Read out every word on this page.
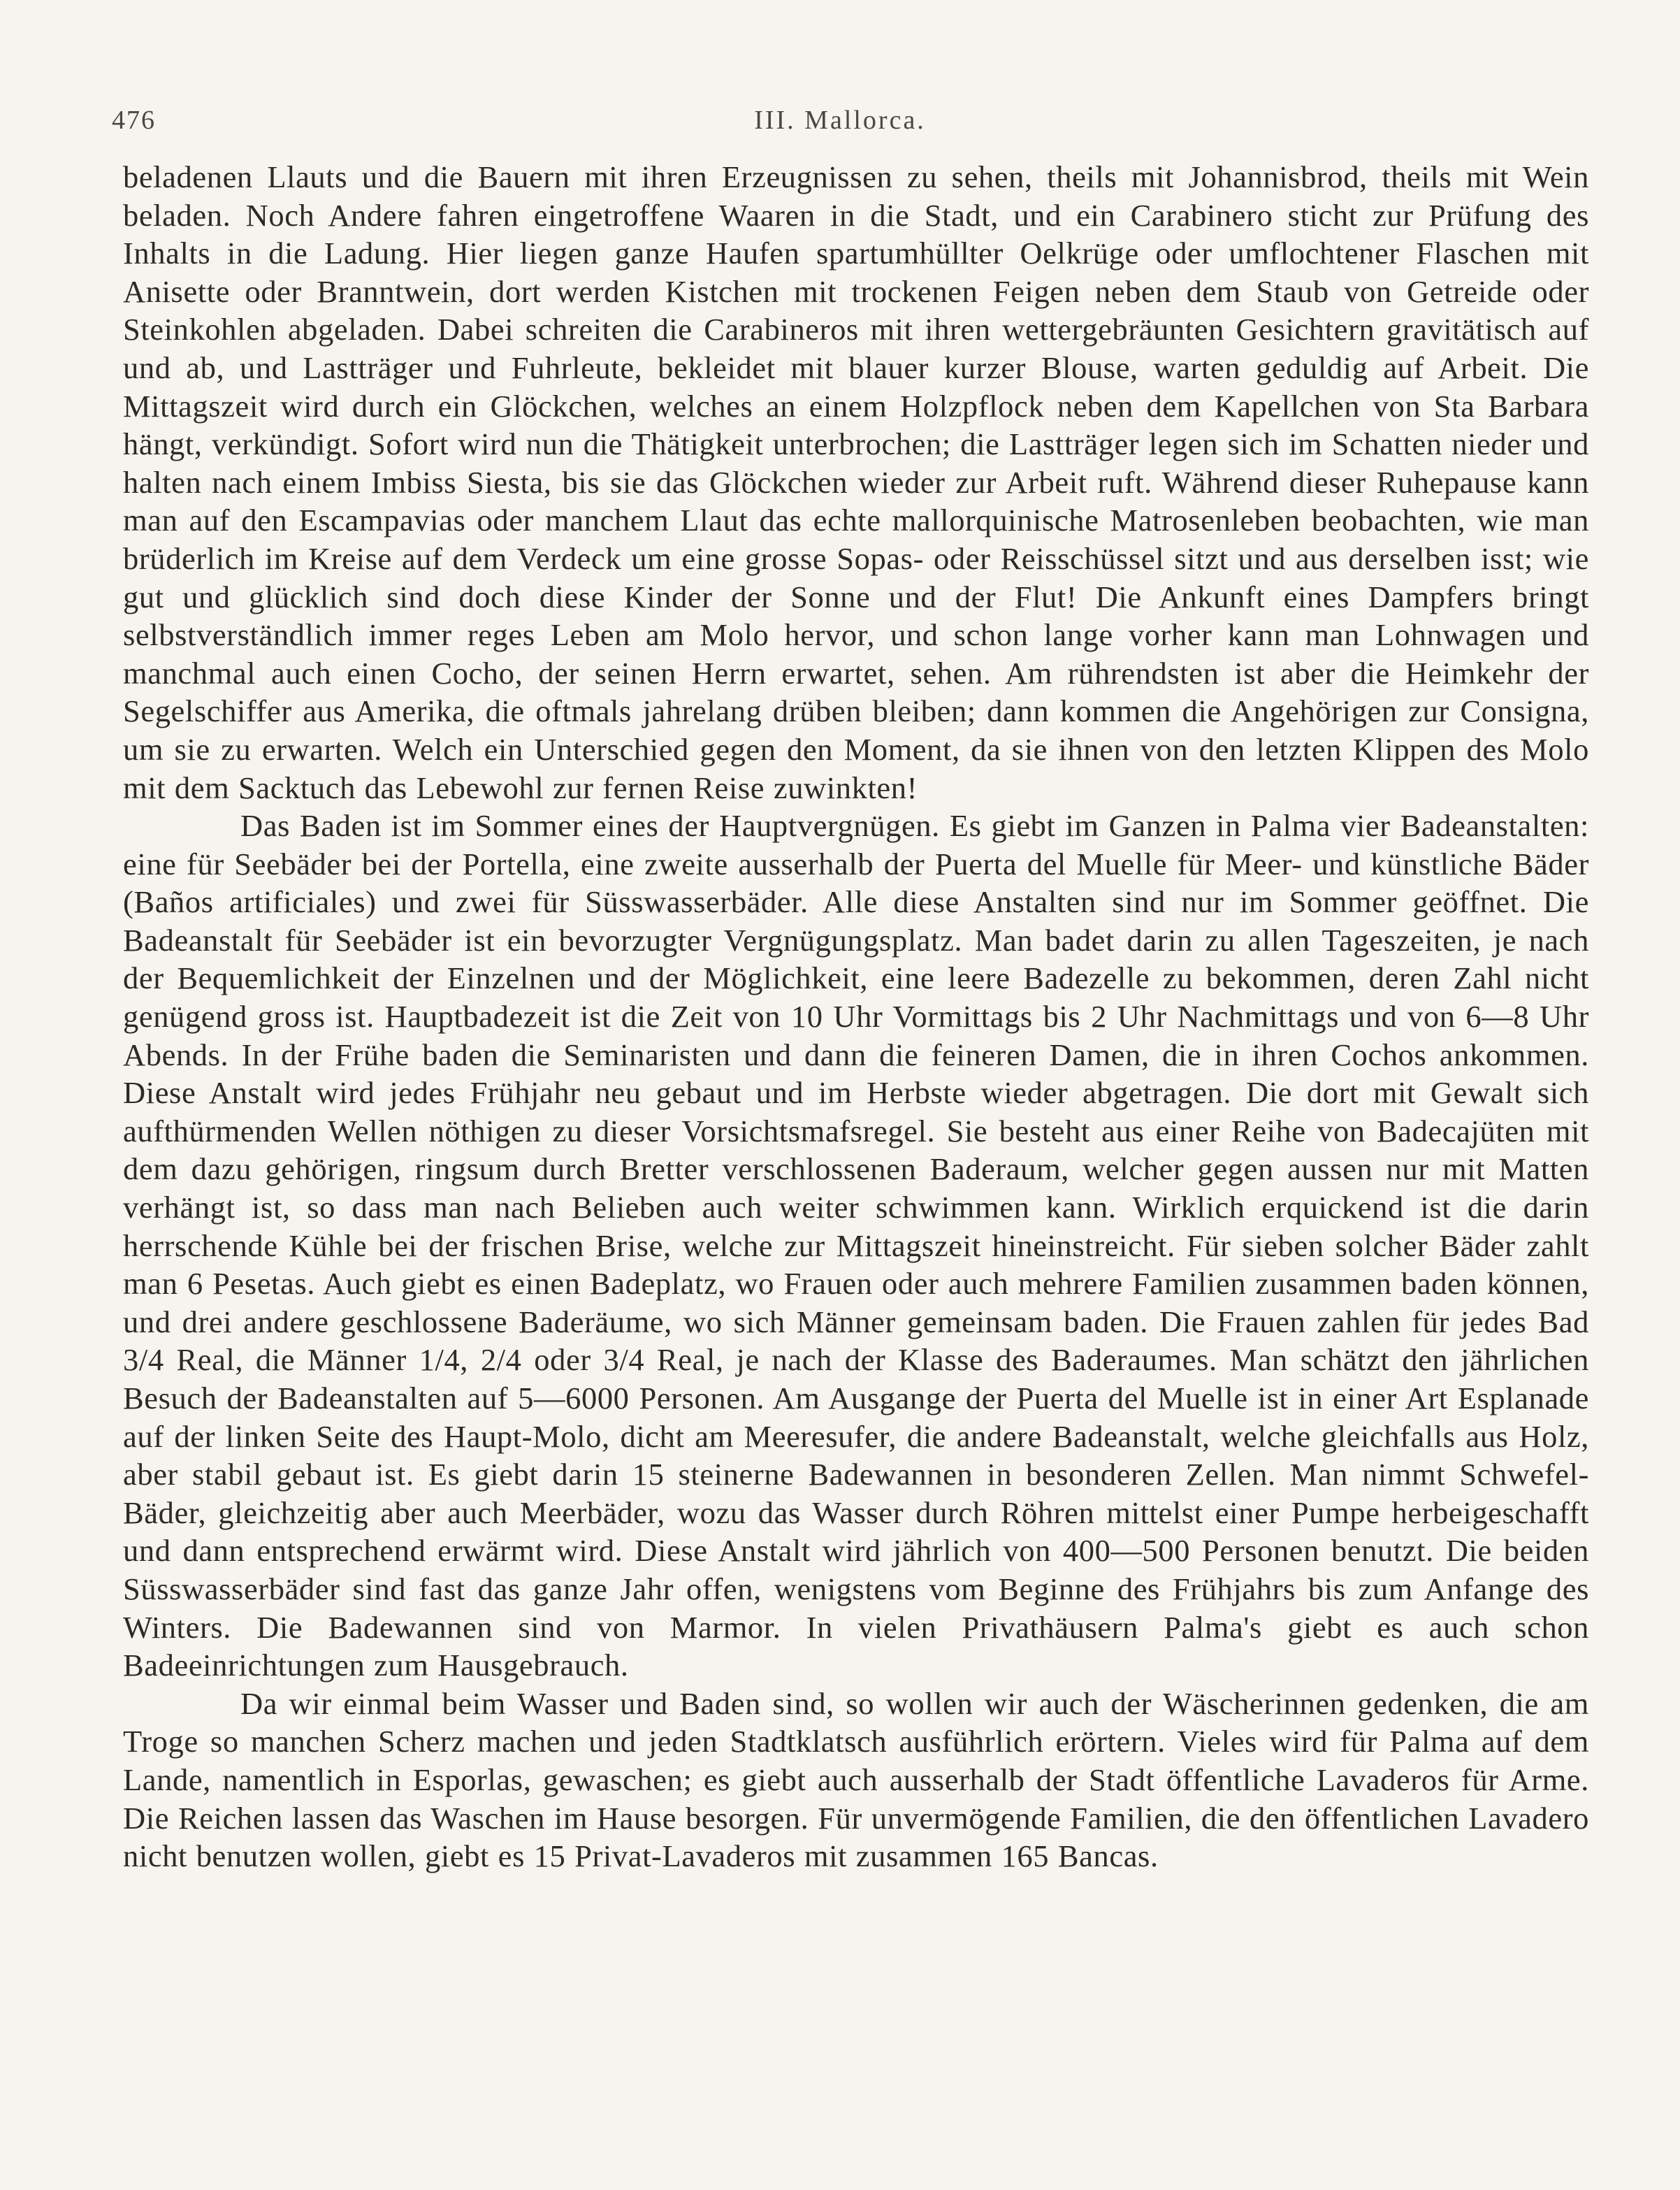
476	III. Mallorca.

beladenen Llauts und die Bauern mit ihren Erzeugnissen zu sehen, theils mit Johannisbrod, theils mit Wein beladen. Noch Andere fahren eingetroffene Waaren in die Stadt, und ein Carabinero sticht zur Prüfung des Inhalts in die Ladung. Hier liegen ganze Haufen spartumhüllter Oelkrüge oder umflochtener Flaschen mit Anisette oder Branntwein, dort werden Kistchen mit trockenen Feigen neben dem Staub von Getreide oder Steinkohlen abgeladen. Dabei schreiten die Carabineros mit ihren wettergebräunten Gesichtern gravitätisch auf und ab, und Lastträger und Fuhrleute, bekleidet mit blauer kurzer Blouse, warten geduldig auf Arbeit. Die Mittagszeit wird durch ein Glöckchen, welches an einem Holzpflock neben dem Kapellchen von Sta Barbara hängt, verkündigt. Sofort wird nun die Thätigkeit unterbrochen; die Lastträger legen sich im Schatten nieder und halten nach einem Imbiss Siesta, bis sie das Glöckchen wieder zur Arbeit ruft. Während dieser Ruhepause kann man auf den Escampavias oder manchem Llaut das echte mallorquinische Matrosenleben beobachten, wie man brüderlich im Kreise auf dem Verdeck um eine grosse Sopas- oder Reisschüssel sitzt und aus derselben isst; wie gut und glücklich sind doch diese Kinder der Sonne und der Flut! Die Ankunft eines Dampfers bringt selbstverständlich immer reges Leben am Molo hervor, und schon lange vorher kann man Lohnwagen und manchmal auch einen Cocho, der seinen Herrn erwartet, sehen. Am rührendsten ist aber die Heimkehr der Segelschiffer aus Amerika, die oftmals jahrelang drüben bleiben; dann kommen die Angehörigen zur Consigna, um sie zu erwarten. Welch ein Unterschied gegen den Moment, da sie ihnen von den letzten Klippen des Molo mit dem Sacktuch das Lebewohl zur fernen Reise zuwinkten!

Das Baden ist im Sommer eines der Hauptvergnügen. Es giebt im Ganzen in Palma vier Badeanstalten: eine für Seebäder bei der Portella, eine zweite ausserhalb der Puerta del Muelle für Meer- und künstliche Bäder (Baños artificiales) und zwei für Süsswasserbäder. Alle diese Anstalten sind nur im Sommer geöffnet. Die Badeanstalt für Seebäder ist ein bevorzugter Vergnügungsplatz. Man badet darin zu allen Tageszeiten, je nach der Bequemlichkeit der Einzelnen und der Möglichkeit, eine leere Badezelle zu bekommen, deren Zahl nicht genügend gross ist. Hauptbadezeit ist die Zeit von 10 Uhr Vormittags bis 2 Uhr Nachmittags und von 6—8 Uhr Abends. In der Frühe baden die Seminaristen und dann die feineren Damen, die in ihren Cochos ankommen. Diese Anstalt wird jedes Frühjahr neu gebaut und im Herbste wieder abgetragen. Die dort mit Gewalt sich aufthürmenden Wellen nöthigen zu dieser Vorsichtsmafsregel. Sie besteht aus einer Reihe von Badecajüten mit dem dazu gehörigen, ringsum durch Bretter verschlossenen Baderaum, welcher gegen aussen nur mit Matten verhängt ist, so dass man nach Belieben auch weiter schwimmen kann. Wirklich erquickend ist die darin herrschende Kühle bei der frischen Brise, welche zur Mittagszeit hineinstreicht. Für sieben solcher Bäder zahlt man 6 Pesetas. Auch giebt es einen Badeplatz, wo Frauen oder auch mehrere Familien zusammen baden können, und drei andere geschlossene Baderäume, wo sich Männer gemeinsam baden. Die Frauen zahlen für jedes Bad 3/4 Real, die Männer 1/4, 2/4 oder 3/4 Real, je nach der Klasse des Baderaumes. Man schätzt den jährlichen Besuch der Badeanstalten auf 5—6000 Personen. Am Ausgange der Puerta del Muelle ist in einer Art Esplanade auf der linken Seite des Haupt-Molo, dicht am Meeresufer, die andere Badeanstalt, welche gleichfalls aus Holz, aber stabil gebaut ist. Es giebt darin 15 steinerne Badewannen in besonderen Zellen. Man nimmt Schwefel-Bäder, gleichzeitig aber auch Meerbäder, wozu das Wasser durch Röhren mittelst einer Pumpe herbeigeschafft und dann entsprechend erwärmt wird. Diese Anstalt wird jährlich von 400—500 Personen benutzt. Die beiden Süsswasserbäder sind fast das ganze Jahr offen, wenigstens vom Beginne des Frühjahrs bis zum Anfange des Winters. Die Badewannen sind von Marmor. In vielen Privathäusern Palma's giebt es auch schon Badeeinrichtungen zum Hausgebrauch.

Da wir einmal beim Wasser und Baden sind, so wollen wir auch der Wäscherinnen gedenken, die am Troge so manchen Scherz machen und jeden Stadtklatsch ausführlich erörtern. Vieles wird für Palma auf dem Lande, namentlich in Esporlas, gewaschen; es giebt auch ausserhalb der Stadt öffentliche Lavaderos für Arme. Die Reichen lassen das Waschen im Hause besorgen. Für unvermögende Familien, die den öffentlichen Lavadero nicht benutzen wollen, giebt es 15 Privat-Lavaderos mit zusammen 165 Bancas.
